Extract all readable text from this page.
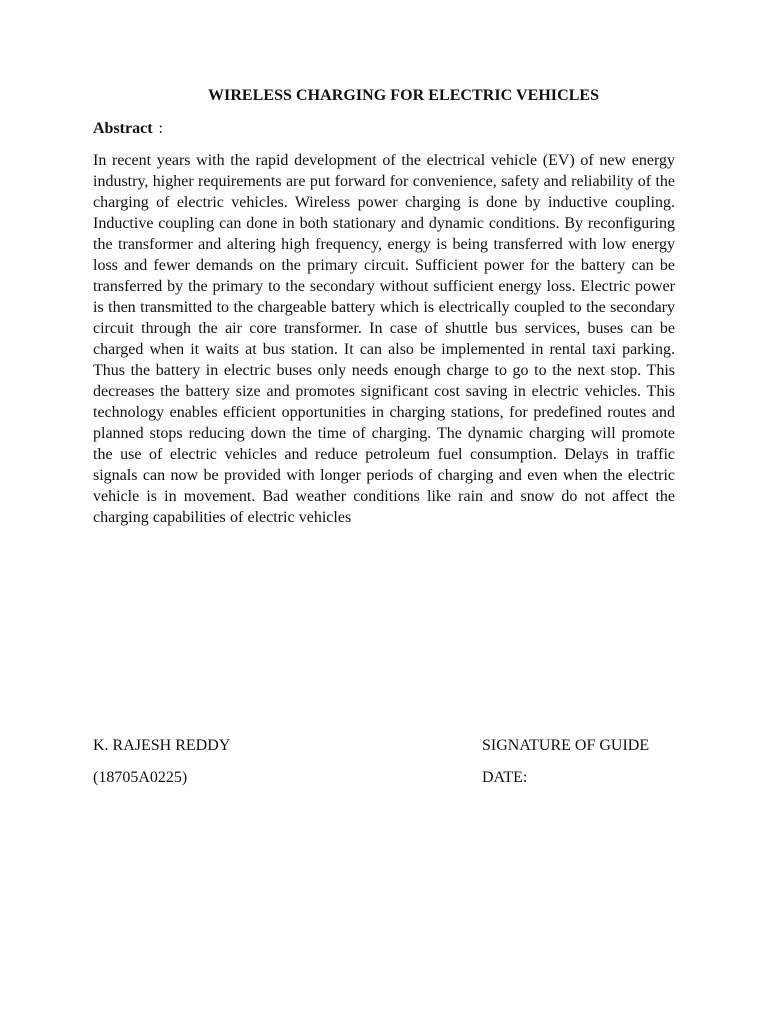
WIRELESS CHARGING FOR ELECTRIC VEHICLES
Abstract :
In recent years with the rapid development of the electrical vehicle (EV) of new energy industry, higher requirements are put forward for convenience, safety and reliability of the charging of electric vehicles. Wireless power charging is done by inductive coupling. Inductive coupling can done in both stationary and dynamic conditions. By reconfiguring the transformer and altering high frequency, energy is being transferred with low energy loss and fewer demands on the primary circuit. Sufficient power for the battery can be transferred by the primary to the secondary without sufficient energy loss. Electric power is then transmitted to the chargeable battery which is electrically coupled to the secondary circuit through the air core transformer. In case of shuttle bus services, buses can be charged when it waits at bus station. It can also be implemented in rental taxi parking. Thus the battery in electric buses only needs enough charge to go to the next stop. This decreases the battery size and promotes significant cost saving in electric vehicles. This technology enables efficient opportunities in charging stations, for predefined routes and planned stops reducing down the time of charging. The dynamic charging will promote the use of electric vehicles and reduce petroleum fuel consumption. Delays in traffic signals can now be provided with longer periods of charging and even when the electric vehicle is in movement. Bad weather conditions like rain and snow do not affect the charging capabilities of electric vehicles
K. RAJESH REDDY	SIGNATURE OF GUIDE
(18705A0225)	DATE:
